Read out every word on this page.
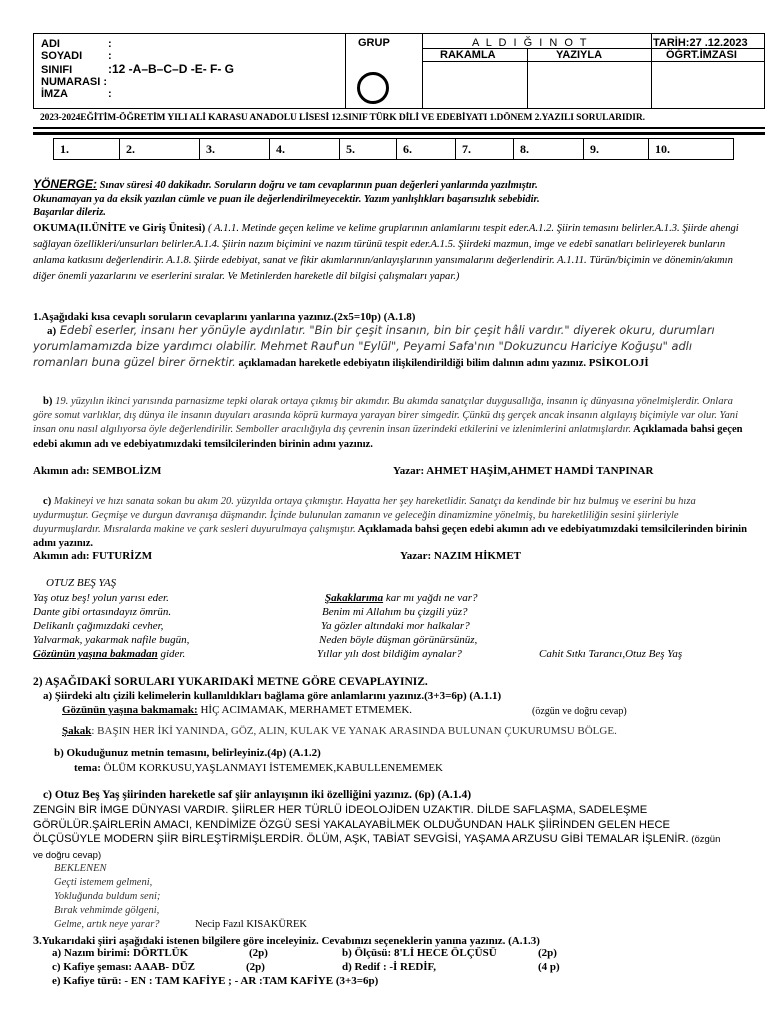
ADI	:
SOYADI :
SINIFI	:12 -A–B–C–D -E- F- G
NUMARASI :
İMZA	:
GRUP	A L D I Ğ I N O T
RAKAMLA	YAZIYLA
TARİH:27 .12.2023
ÖĞRT.İMZASI
2023-2024EĞİTİM-ÖĞRETİM YILI ALİ KARASU ANADOLU LİSESİ 12.SINIF TÜRK DİLİ VE EDEBİYATI 1.DÖNEM 2.YAZILI SORULARIDIR.
1.	2.	3.	4.	5.	6.	7.	8.	9.	10.
YÖNERGE: Sınav süresi 40 dakikadır. Soruların doğru ve tam cevaplarının puan değerleri yanlarında yazılmıştır.
Okunamayan ya da eksik yazılan cümle ve puan ile değerlendirilmeyecektir. Yazım yanlışlıkları başarısızlık sebebidir.
Başarılar dileriz.
OKUMA(II.ÜNİTE ve Giriş Ünitesi) ( A.1.1. Metinde geçen kelime ve kelime gruplarının anlamlarını tespit eder.A.1.2. Şiirin temasını belirler.A.1.3. Şiirde ahengi sağlayan özellikleri/unsurları belirler.A.1.4. Şiirin nazım biçimini ve nazım türünü tespit eder.A.1.5. Şiirdeki mazmun, imge ve edebî sanatları belirleyerek bunların anlama katkısını değerlendirir. A.1.8. Şiirde edebiyat, sanat ve fikir akımlarının/anlayışlarının yansımalarını değerlendirir. A.1.11. Türün/biçimin ve dönemin/akımın diğer önemli yazarlarını ve eserlerini sıralar. Ve Metinlerden hareketle dil bilgisi çalışmaları yapar.)
1.Aşağıdaki kısa cevaplı soruların cevaplarını yanlarına yazınız.(2x5=10p) (A.1.8)
a) Edebî eserler, insanı her yönüyle aydınlatır. "Bin bir çeşit insanın, bin bir çeşit hâli vardır." diyerek okuru, durumları yorumlamamızda bize yardımcı olabilir. Mehmet Rauf'un "Eylül", Peyami Safa'nın "Dokuzuncu Hariciye Koğuşu" adlı romanları buna güzel birer örnektir. açıklamadan hareketle edebiyatın ilişkilendirildiği bilim dalının adını yazınız. PSİKOLOJİ
b) 19. yüzyılın ikinci yarısında parnasizme tepki olarak ortaya çıkmış bir akımdır. Bu akımda sanatçılar duygusallığa, insanın iç dünyasına yönelmişlerdir. Onlara göre somut varlıklar, dış dünya ile insanın duyuları arasında köprü kurmaya yarayan birer simgedir. Çünkü dış gerçek ancak insanın algılayış biçimiyle var olur. Yani insan onu nasıl algılıyorsa öyle değerlendirilir. Semboller aracılığıyla dış çevrenin insan üzerindeki etkilerini ve izlenimlerini anlatmışlardır. Açıklamada bahsi geçen edebi akımın adı ve edebiyatımızdaki temsilcilerinden birinin adını yazınız.
Akımın adı: SEMBOLİZM	Yazar: AHMET HAŞİM,AHMET HAMDİ TANPINAR
c) Makineyi ve hızı sanata sokan bu akım 20. yüzyılda ortaya çıkmıştır. Hayatta her şey hareketlidir. Sanatçı da kendinde bir hız bulmuş ve eserini bu hıza uydurmuştur. Geçmişe ve durgun davranışa düşmandır. İçinde bulunulan zamanın ve geleceğin dinamizmine yönelmiş, bu hareketliliğin sesini şiirleriyle duyurmuşlardır. Mısralarda makine ve çark sesleri duyurulmaya çalışmıştır. Açıklamada bahsi geçen edebi akımın adı ve edebiyatımızdaki temsilcilerinden birinin adını yazınız.
Akımın adı: FUTURİZM	Yazar: NAZIM HİKMET
OTUZ BEŞ YAŞ
Yaş otuz beş! yolun yarısı eder.
Dante gibi ortasındayız ömrün.
Delikanlı çağımızdaki cevher,
Yalvarmak, yakarmak nafile bugün,
Gözünün yaşına bakmadan gider.
Şakaklarıma kar mı yağdı ne var?
Benim mi Allahım bu çizgili yüz?
Ya gözler altındaki mor halkalar?
Neden böyle düşman görünürsünüz,
Yıllar yılı dost bildiğim aynalar?	Cahit Sıtkı Tarancı,Otuz Beş Yaş
2) AŞAĞIDAKİ SORULARI YUKARIDAKİ METNE GÖRE CEVAPLAYINIZ.
a) Şiirdeki altı çizili kelimelerin kullanıldıkları bağlama göre anlamlarını yazınız.(3+3=6p) (A.1.1)
Gözünün yaşına bakmamak: HİÇ ACIMAMAK, MERHAMET ETMEMEK.	(özgün ve doğru cevap)
Şakak: BAŞIN HER İKİ YANINDA, GÖZ, ALIN, KULAK VE YANAK ARASINDA BULUNAN ÇUKURUMSU BÖLGE.
b) Okuduğunuz metnin temasını, belirleyiniz.(4p) (A.1.2)
tema: ÖLÜM KORKUSU,YAŞLANMAYI İSTEMEMEK,KABULLENEMEMEK
c) Otuz Beş Yaş şiirinden hareketle saf şiir anlayışının iki özelliğini yazınız. (6p) (A.1.4)
ZENGİN BİR İMGE DÜNYASI VARDIR. ŞİİRLER HER TÜRLÜ İDEOLOJİDEN UZAKTIR. DİLDE SAFLAŞMA, SADELEŞME GÖRÜLÜR.ŞAİRLERİN AMACI, KENDİMİZE ÖZGÜ SESİ YAKALAYABİLMEK OLDUĞUNDAN HALK ŞİİRİNDEN GELEN HECE ÖLÇÜSÜYLE MODERN ŞİİR BİRLEŞTİRMİŞLERDİR. ÖLÜM, AŞK, TABİAT SEVGİSİ, YAŞAMA ARZUSU GİBİ TEMALAR İŞLENİR. (özgün ve doğru cevap)
BEKLENEN
Geçti istemem gelmeni,
Yokluğunda buldum seni;
Bırak vehmimde gölgeni,
Gelme, artık neye yarar?	Necip Fazıl KISAKÜREK
3.Yukarıdaki şiiri aşağıdaki istenen bilgilere göre inceleyiniz. Cevabınızı seçeneklerin yanına yazınız. (A.1.3)
a) Nazım birimi: DÖRTLÜK	(2p)	b) Ölçüsü: 8'Lİ HECE ÖLÇÜSÜ	(2p)
c) Kafiye şeması: AAAB- DÜZ	(2p)	d) Redif : -İ REDİF,	(4 p)
e) Kafiye türü: - EN : TAM KAFİYE ; - AR :TAM KAFİYE (3+3=6p)
